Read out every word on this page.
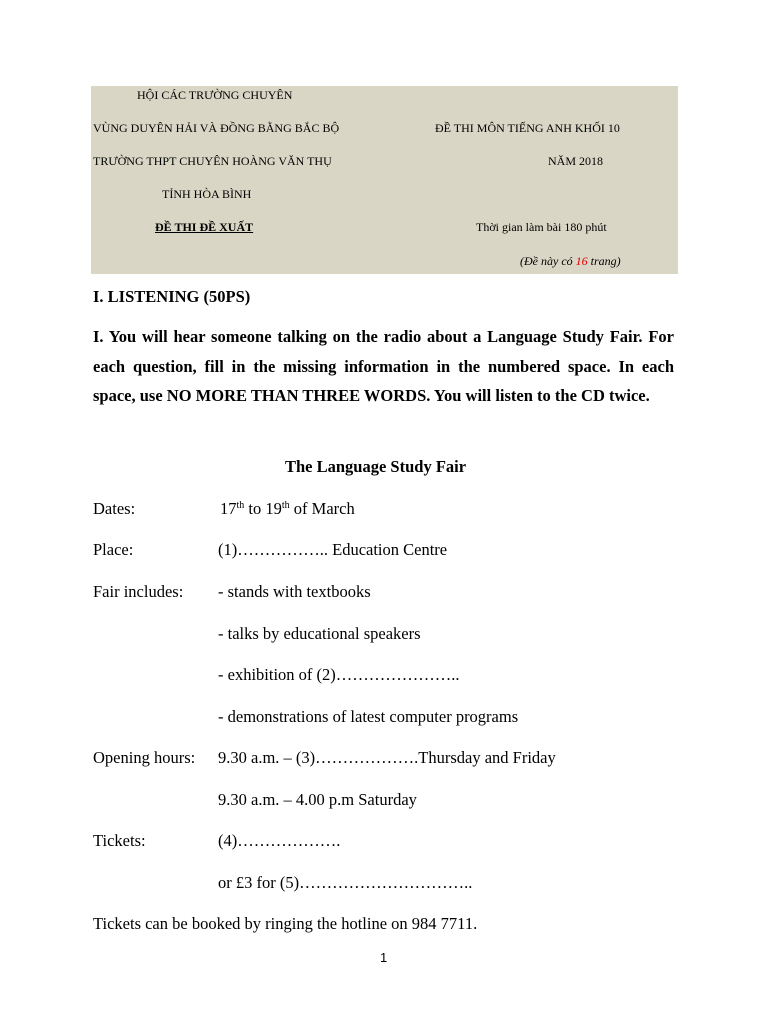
HỘI CÁC TRƯỜNG CHUYÊN
VÙNG DUYÊN HẢI VÀ ĐỒNG BẰNG BẮC BỘ
TRƯỜNG THPT CHUYÊN HOÀNG VĂN THỤ
TỈNH HÒA BÌNH
ĐỀ THI ĐỀ XUẤT
ĐỀ THI MÔN TIẾNG ANH KHỐI 10
NĂM 2018
Thời gian làm bài 180 phút
(Đề này có 16 trang)
I. LISTENING (50PS)
I. You will hear someone talking on the radio about a Language Study Fair. For each question, fill in the missing information in the numbered space. In each space, use NO MORE THAN THREE WORDS. You will listen to the CD twice.
The Language Study Fair
Dates:	17th to 19th of March
Place:	(1)…………….. Education Centre
Fair includes: - stands with textbooks
- talks by educational speakers
- exhibition of (2)…………………..
- demonstrations of latest computer programs
Opening hours: 9.30 a.m. – (3)……………….Thursday and Friday
9.30 a.m. – 4.00 p.m Saturday
Tickets:	(4)……………….
or £3 for (5)…………………………..
Tickets can be booked by ringing the hotline on 984 7711.
1
